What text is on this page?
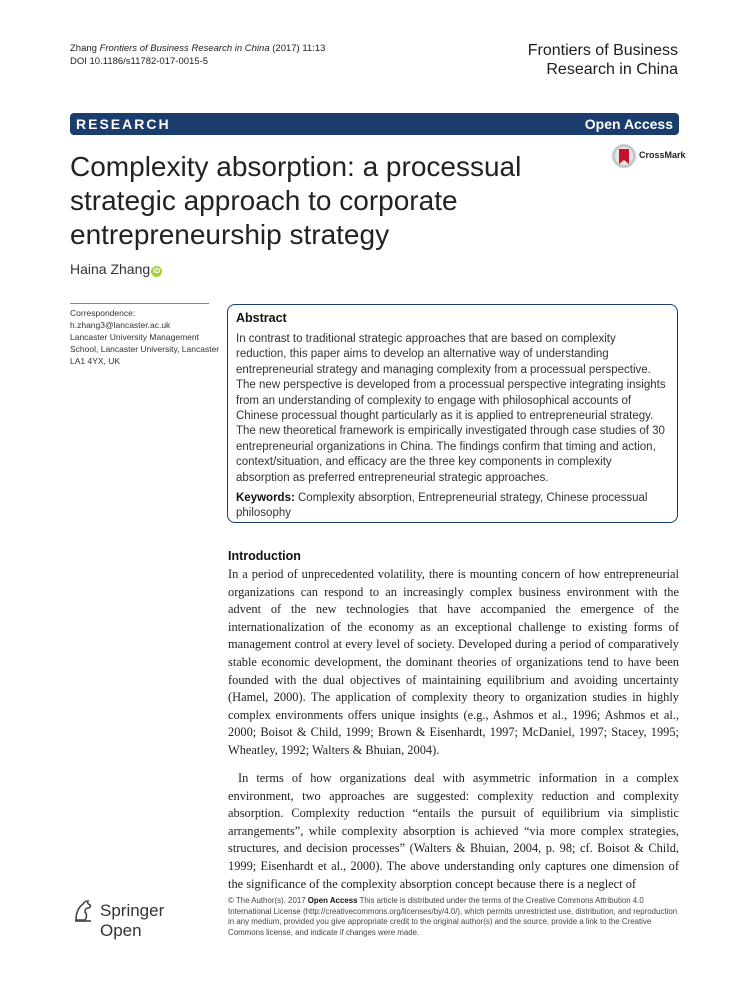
Zhang Frontiers of Business Research in China (2017) 11:13
DOI 10.1186/s11782-017-0015-5
Frontiers of Business
Research in China
RESEARCH	Open Access
Complexity absorption: a processual strategic approach to corporate entrepreneurship strategy
CrossMark
Haina Zhang iD
Correspondence:
h.zhang3@lancaster.ac.uk
Lancaster University Management School, Lancaster University, Lancaster LA1 4YX, UK
Abstract
In contrast to traditional strategic approaches that are based on complexity reduction, this paper aims to develop an alternative way of understanding entrepreneurial strategy and managing complexity from a processual perspective. The new perspective is developed from a processual perspective integrating insights from an understanding of complexity to engage with philosophical accounts of Chinese processual thought particularly as it is applied to entrepreneurial strategy. The new theoretical framework is empirically investigated through case studies of 30 entrepreneurial organizations in China. The findings confirm that timing and action, context/situation, and efficacy are the three key components in complexity absorption as preferred entrepreneurial strategic approaches.
Keywords: Complexity absorption, Entrepreneurial strategy, Chinese processual philosophy
Introduction
In a period of unprecedented volatility, there is mounting concern of how entrepreneurial organizations can respond to an increasingly complex business environment with the advent of the new technologies that have accompanied the emergence of the internationalization of the economy as an exceptional challenge to existing forms of management control at every level of society. Developed during a period of comparatively stable economic development, the dominant theories of organizations tend to have been founded with the dual objectives of maintaining equilibrium and avoiding uncertainty (Hamel, 2000). The application of complexity theory to organization studies in highly complex environments offers unique insights (e.g., Ashmos et al., 1996; Ashmos et al., 2000; Boisot & Child, 1999; Brown & Eisenhardt, 1997; McDaniel, 1997; Stacey, 1995; Wheatley, 1992; Walters & Bhuian, 2004).
In terms of how organizations deal with asymmetric information in a complex environment, two approaches are suggested: complexity reduction and complexity absorption. Complexity reduction “entails the pursuit of equilibrium via simplistic arrangements”, while complexity absorption is achieved “via more complex strategies, structures, and decision processes” (Walters & Bhuian, 2004, p. 98; cf. Boisot & Child, 1999; Eisenhardt et al., 2000). The above understanding only captures one dimension of the significance of the complexity absorption concept because there is a neglect of
Springer Open
© The Author(s). 2017 Open Access This article is distributed under the terms of the Creative Commons Attribution 4.0 International License (http://creativecommons.org/licenses/by/4.0/), which permits unrestricted use, distribution, and reproduction in any medium, provided you give appropriate credit to the original author(s) and the source, provide a link to the Creative Commons license, and indicate if changes were made.
